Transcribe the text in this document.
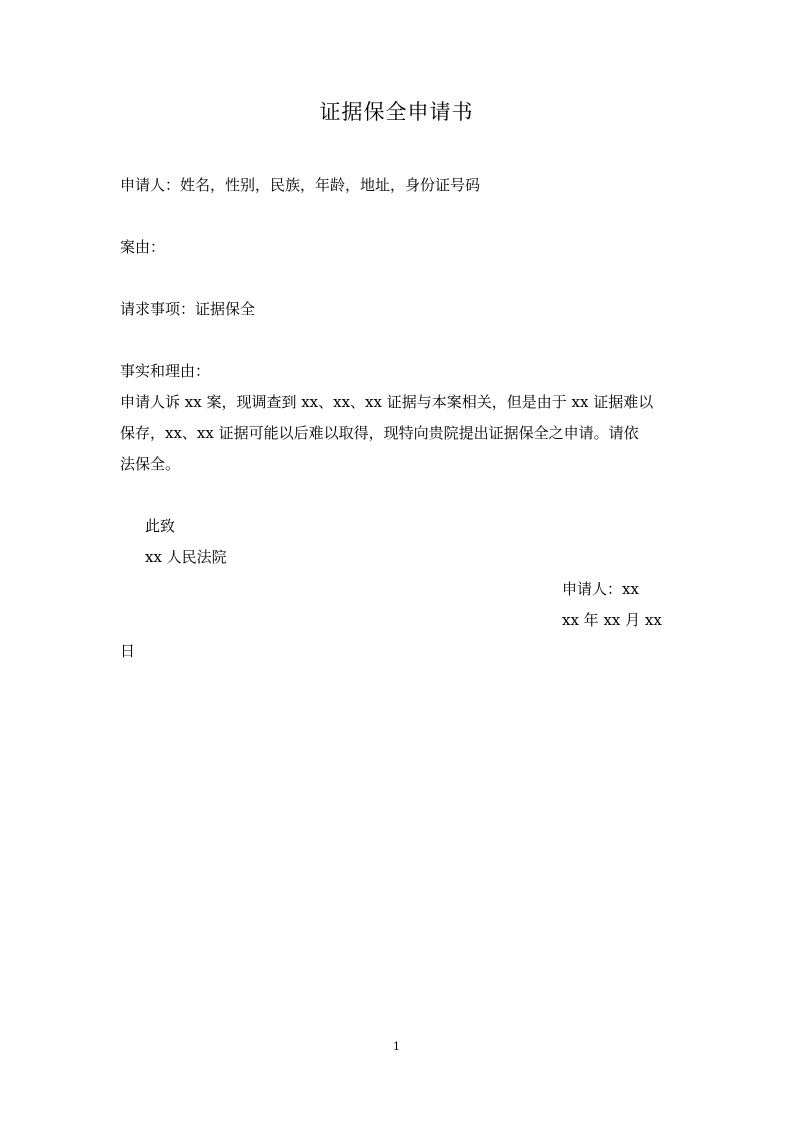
证据保全申请书
申请人：姓名，性别，民族，年龄，地址，身份证号码
案由：
请求事项：证据保全
事实和理由：
申请人诉 xx 案，现调查到 xx、xx、xx 证据与本案相关，但是由于 xx 证据难以
保存，xx、xx 证据可能以后难以取得，现特向贵院提出证据保全之申请。请依
法保全。
此致
xx 人民法院
申请人：xx
xx 年 xx 月 xx
日
1
